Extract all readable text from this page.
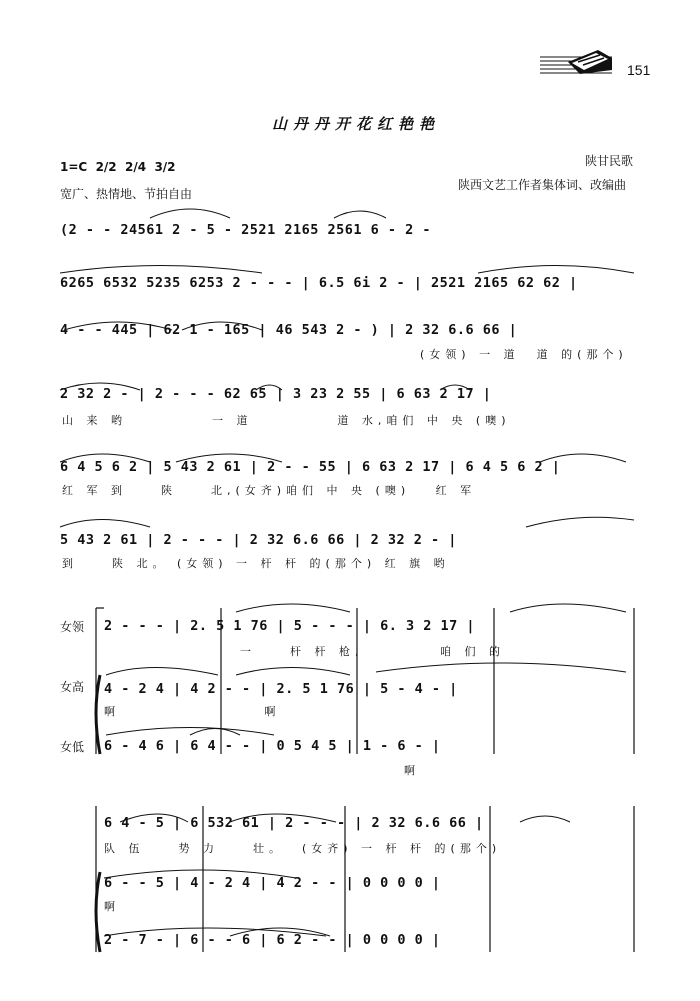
151
山丹丹开花红艳艳
1=C  2/2  2/4  3/2
宽广、热情地、节拍自由
陕甘民歌
陕西文艺工作者集体词、改编曲
(2 - - 24561 2 - 5 - 2521 2165 2561 6 - 2 -
6265 6532 5235 6253 2 - - - | 6.5 6i 2 - | 2521 2165 62 62 |
4 - - 445 | 62 1 - 165 | 46 543 2 - ) | 2 32 6.6 66 |
(女领) 一 道  道 的(那个)
2 32 2 - | 2 - - - 62 65 | 3 23 2 55 | 6 63 2 17 |
山 来 哟          一 道          道 水,咱们 中 央 (噢)
6 4 5 6 2 | 5 43 2 61 | 2 - - 55 | 6 63 2 17 | 6 4 5 6 2 |
红 军 到    陕    北,(女齐)咱们 中 央 (噢)   红 军
5 43 2 61 | 2 - - - | 2 32 6.6 66 | 2 32 2 - |
到    陕 北。 (女领) 一 杆 杆 的(那个) 红 旗 哟
女领 2 - - - | 2. 5 1 76 | 5 - - - | 6. 3 2 17 |
一    杆 杆 枪,         咱 们 的
女高 4 - 2 4 | 4 2 - - | 2. 5 1 76 | 5 - 4 - |
啊                 啊
女低 6 - 4 6 | 6 4 - - | 0 5 4 5 | 1 - 6 - |
啊
6 4 - 5 | 6 532 61 | 2 - - - | 2 32 6.6 66 |
队 伍    势 力    壮。  (女齐) 一 杆 杆 的(那个)
6 - - 5 | 4 - 2 4 | 4 2 - - | 0 0 0 0 |
啊
2 - 7 - | 6 - - 6 | 6 2 - - | 0 0 0 0 |
